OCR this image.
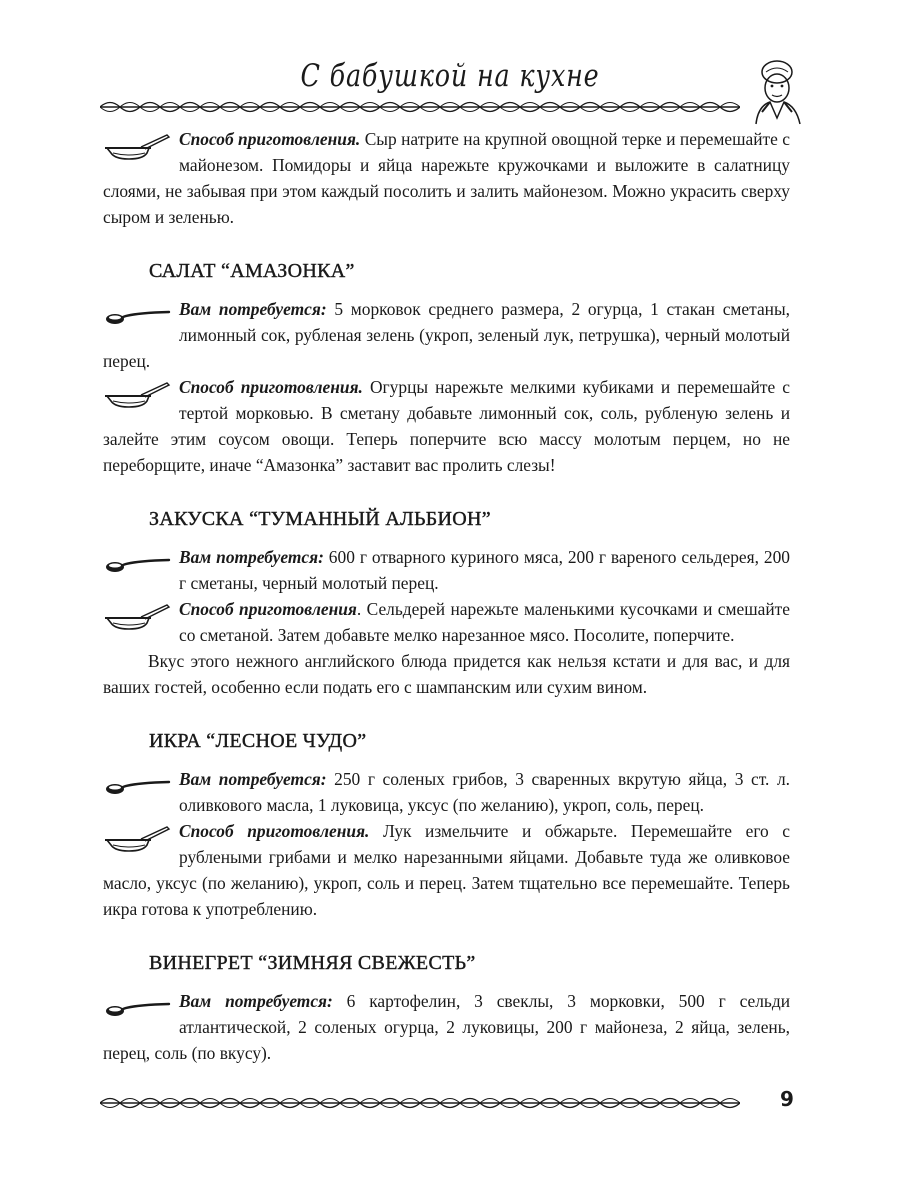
С бабушкой на кухне

Способ приготовления. Сыр натрите на крупной овощной терке и перемешайте с майонезом. Помидоры и яйца нарежьте кружочками и выложите в салатницу слоями, не забывая при этом каждый посолить и залить майонезом. Можно украсить сверху сыром и зеленью.

САЛАТ “АМАЗОНКА”

Вам потребуется: 5 морковок среднего размера, 2 огурца, 1 стакан сметаны, лимонный сок, рубленая зелень (укроп, зеленый лук, петрушка), черный молотый перец.

Способ приготовления. Огурцы нарежьте мелкими кубиками и перемешайте с тертой морковью. В сметану добавьте лимонный сок, соль, рубленую зелень и залейте этим соусом овощи. Теперь поперчите всю массу молотым перцем, но не переборщите, иначе “Амазонка” заставит вас пролить слезы!

ЗАКУСКА “ТУМАННЫЙ АЛЬБИОН”

Вам потребуется: 600 г отварного куриного мяса, 200 г вареного сельдерея, 200 г сметаны, черный молотый перец.

Способ приготовления. Сельдерей нарежьте маленькими кусочками и смешайте со сметаной. Затем добавьте мелко нарезанное мясо. Посолите, поперчите.

Вкус этого нежного английского блюда придется как нельзя кстати и для вас, и для ваших гостей, особенно если подать его с шампанским или сухим вином.

ИКРА “ЛЕСНОЕ ЧУДО”

Вам потребуется: 250 г соленых грибов, 3 сваренных вкрутую яйца, 3 ст. л. оливкового масла, 1 луковица, уксус (по желанию), укроп, соль, перец.

Способ приготовления. Лук измельчите и обжарьте. Перемешайте его с рублеными грибами и мелко нарезанными яйцами. Добавьте туда же оливковое масло, уксус (по желанию), укроп, соль и перец. Затем тщательно все перемешайте. Теперь икра готова к употреблению.

ВИНЕГРЕТ “ЗИМНЯЯ СВЕЖЕСТЬ”

Вам потребуется: 6 картофелин, 3 свеклы, 3 морковки, 500 г сельди атлантической, 2 соленых огурца, 2 луковицы, 200 г майонеза, 2 яйца, зелень, перец, соль (по вкусу).

9
